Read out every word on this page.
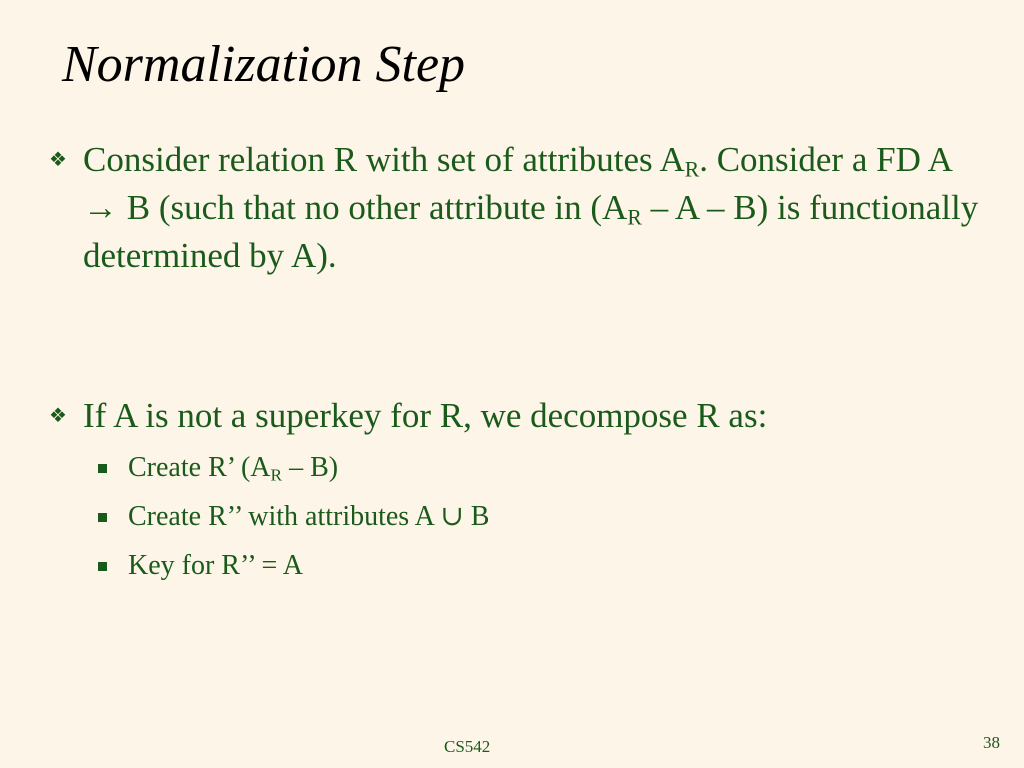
Normalization Step
❖ Consider relation R with set of attributes $A_R$. Consider a FD A → B (such that no other attribute in ($A_R$ – A – B) is functionally determined by A).
❖ If A is not a superkey for R, we decompose R as:
Create R’ $(A_R - B)$
Create R’’ with attributes A ∪ B
Key for R’’ = A
CS542	38
